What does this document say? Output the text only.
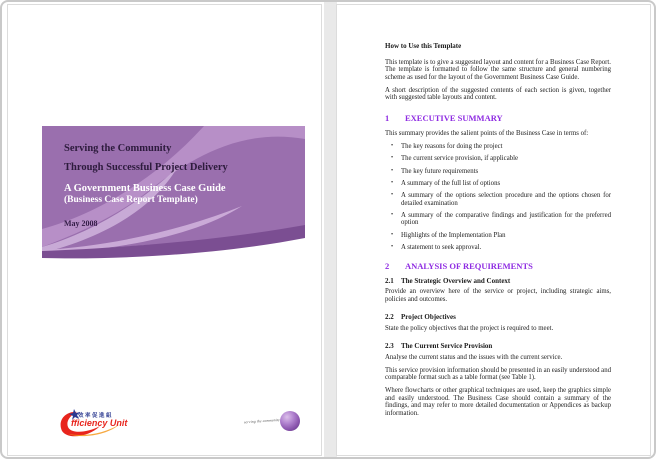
Serving the Community
Through Successful Project Delivery
A Government Business Case Guide
(Business Case Report Template)
May 2008
效率促進組
fficiency Unit	serving the community
How to Use this Template

This template is to give a suggested layout and content for a Business Case Report. The template is formatted to follow the same structure and general numbering scheme as used for the layout of the Government Business Case Guide.

A short description of the suggested contents of each section is given, together with suggested table layouts and content.

1	EXECUTIVE SUMMARY

This summary provides the salient points of the Business Case in terms of:

•	The key reasons for doing the project
•	The current service provision, if applicable
•	The key future requirements
•	A summary of the full list of options
•	A summary of the options selection procedure and the options chosen for detailed examination
•	A summary of the comparative findings and justification for the preferred option
•	Highlights of the Implementation Plan
•	A statement to seek approval.
2	ANALYSIS OF REQUIREMENTS
2.1	The Strategic Overview and Context

Provide an overview here of the service or project, including strategic aims, policies and outcomes.

2.2	Project Objectives

State the policy objectives that the project is required to meet.

2.3	The Current Service Provision

Analyse the current status and the issues with the current service.

This service provision information should be presented in an easily understood and comparable format such as a table format (see Table 1).

Where flowcharts or other graphical techniques are used, keep the graphics simple and easily understood. The Business Case should contain a summary of the findings, and may refer to more detailed documentation or Appendices as backup information.
